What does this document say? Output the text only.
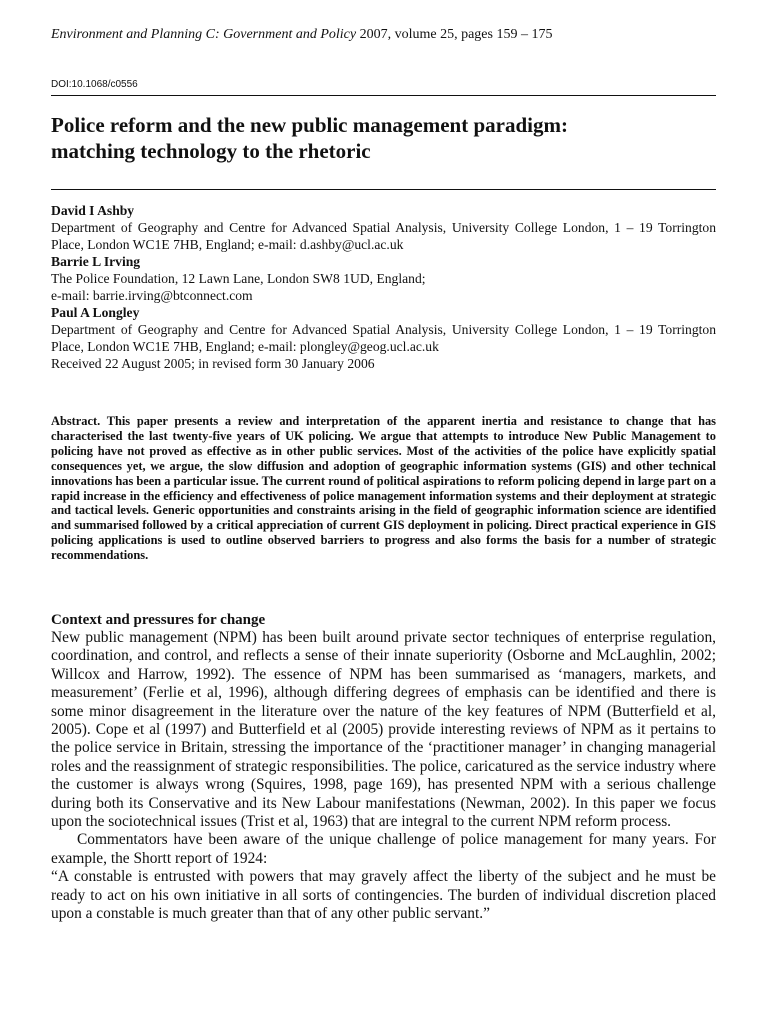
Environment and Planning C: Government and Policy 2007, volume 25, pages 159 – 175
DOI:10.1068/c0556
Police reform and the new public management paradigm:
matching technology to the rhetoric
David I Ashby
Department of Geography and Centre for Advanced Spatial Analysis, University College London, 1 – 19 Torrington Place, London WC1E 7HB, England; e-mail: d.ashby@ucl.ac.uk
Barrie L Irving
The Police Foundation, 12 Lawn Lane, London SW8 1UD, England;
e-mail: barrie.irving@btconnect.com
Paul A Longley
Department of Geography and Centre for Advanced Spatial Analysis, University College London, 1 – 19 Torrington Place, London WC1E 7HB, England; e-mail: plongley@geog.ucl.ac.uk
Received 22 August 2005; in revised form 30 January 2006

Abstract. This paper presents a review and interpretation of the apparent inertia and resistance to change that has characterised the last twenty-five years of UK policing. We argue that attempts to introduce New Public Management to policing have not proved as effective as in other public services. Most of the activities of the police have explicitly spatial consequences yet, we argue, the slow diffusion and adoption of geographic information systems (GIS) and other technical innovations has been a particular issue. The current round of political aspirations to reform policing depend in large part on a rapid increase in the efficiency and effectiveness of police management information systems and their deployment at strategic and tactical levels. Generic opportunities and constraints arising in the field of geographic information science are identified and summarised followed by a critical appreciation of current GIS deployment in policing. Direct practical experience in GIS policing applications is used to outline observed barriers to progress and also forms the basis for a number of strategic recommendations.

Context and pressures for change

New public management (NPM) has been built around private sector techniques of enterprise regulation, coordination, and control, and reflects a sense of their innate superiority (Osborne and McLaughlin, 2002; Willcox and Harrow, 1992). The essence of NPM has been summarised as ‘managers, markets, and measurement’ (Ferlie et al, 1996), although differing degrees of emphasis can be identified and there is some minor disagreement in the literature over the nature of the key features of NPM (Butterfield et al, 2005). Cope et al (1997) and Butterfield et al (2005) provide interesting reviews of NPM as it pertains to the police service in Britain, stressing the importance of the ‘practitioner manager’ in changing managerial roles and the reassignment of strategic responsibilities. The police, caricatured as the service industry where the customer is always wrong (Squires, 1998, page 169), has presented NPM with a serious challenge during both its Conservative and its New Labour manifestations (Newman, 2002). In this paper we focus upon the sociotechnical issues (Trist et al, 1963) that are integral to the current NPM reform process.

Commentators have been aware of the unique challenge of police management for many years. For example, the Shortt report of 1924:

“A constable is entrusted with powers that may gravely affect the liberty of the subject and he must be ready to act on his own initiative in all sorts of contingencies. The burden of individual discretion placed upon a constable is much greater than that of any other public servant.”
